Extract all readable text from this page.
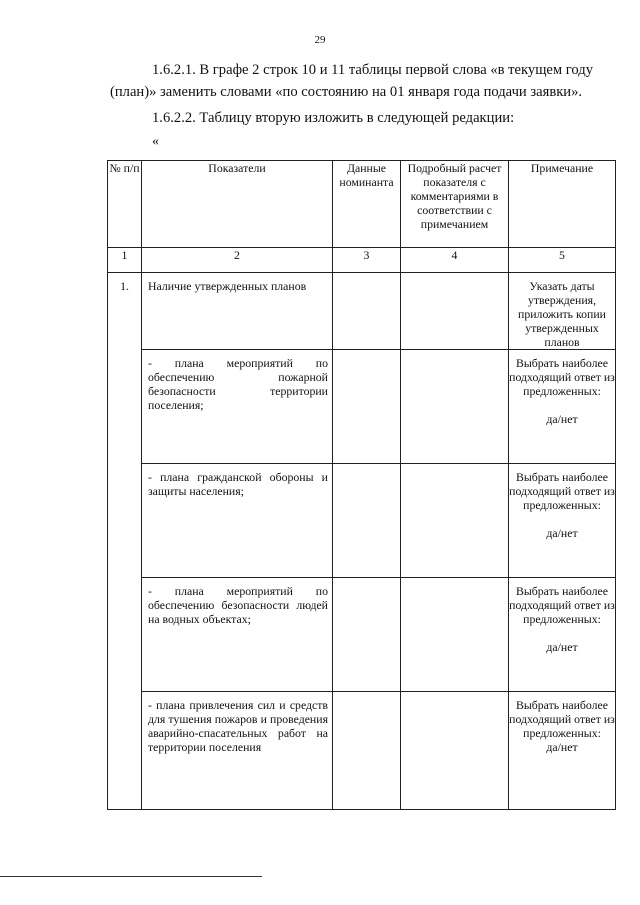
29
1.6.2.1. В графе 2 строк 10 и 11 таблицы первой слова «в текущем году
(план)» заменить словами «по состоянию на 01 января года подачи заявки».
1.6.2.2. Таблицу вторую изложить в следующей редакции:
«
№ п/п	Показатели	Данные номинанта	Подробный расчет показателя с комментариями в соответствии с примечанием	Примечание
1	2	3	4	5
1.	Наличие утвержденных планов			Указать даты утверждения, приложить копии утвержденных планов
	- плана мероприятий по обеспечению пожарной безопасности территории поселения;			Выбрать наиболее подходящий ответ из предложенных:
да/нет

	- плана гражданской обороны и защиты населения;			Выбрать наиболее подходящий ответ из предложенных:
да/нет

	- плана мероприятий по обеспечению безопасности людей на водных объектах;			Выбрать наиболее подходящий ответ из предложенных:
да/нет

	- плана привлечения сил и средств для тушения пожаров и проведения аварийно-спасательных работ на территории поселения			Выбрать наиболее подходящий ответ из предложенных:
да/нет
